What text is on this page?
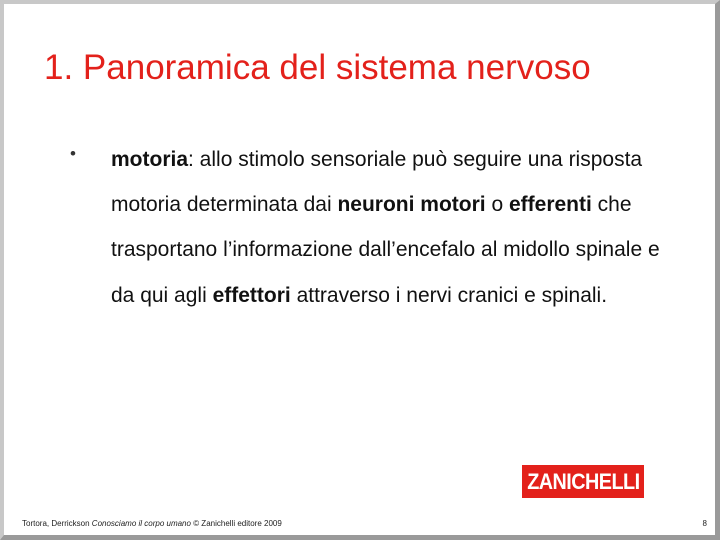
1. Panoramica del sistema nervoso
• motoria: allo stimolo sensoriale può seguire una risposta motoria determinata dai neuroni motori o efferenti che trasportano l’informazione dall’encefalo al midollo spinale e da qui agli effettori attraverso i nervi cranici e spinali.

ZANICHELLI
Tortora, Derrickson Conosciamo il corpo umano © Zanichelli editore 2009	8
